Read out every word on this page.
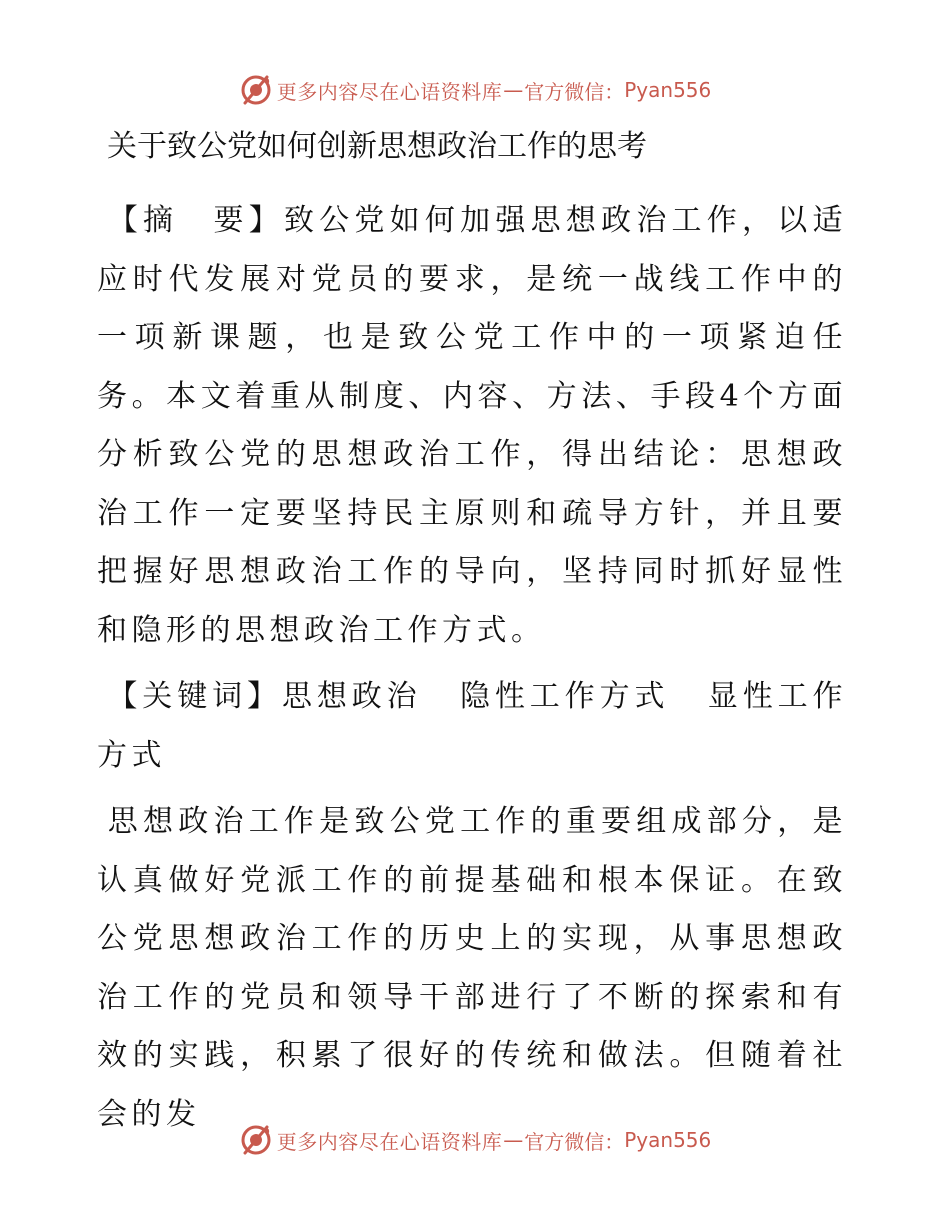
更多内容尽在心语资料库 — 官方微信： Pyan556
关于致公党如何创新思想政治工作的思考

【摘　要】致公党如何加强思想政治工作，以适应时代发展对党员的要求，是统一战线工作中的一项新课题，也是致公党工作中的一项紧迫任务。本文着重从制度、内容、方法、手段4个方面分析致公党的思想政治工作，得出结论：思想政治工作一定要坚持民主原则和疏导方针，并且要把握好思想政治工作的导向，坚持同时抓好显性和隐形的思想政治工作方式。

【关键词】思想政治 隐性工作方式 显性工作方式

思想政治工作是致公党工作的重要组成部分，是认真做好党派工作的前提基础和根本保证。在致公党思想政治工作的历史上的实现，从事思想政治工作的党员和领导干部进行了不断的探索和有效的实践，积累了很好的传统和做法。但随着社会的发

更多内容尽在心语资料库 — 官方微信： Pyan556
